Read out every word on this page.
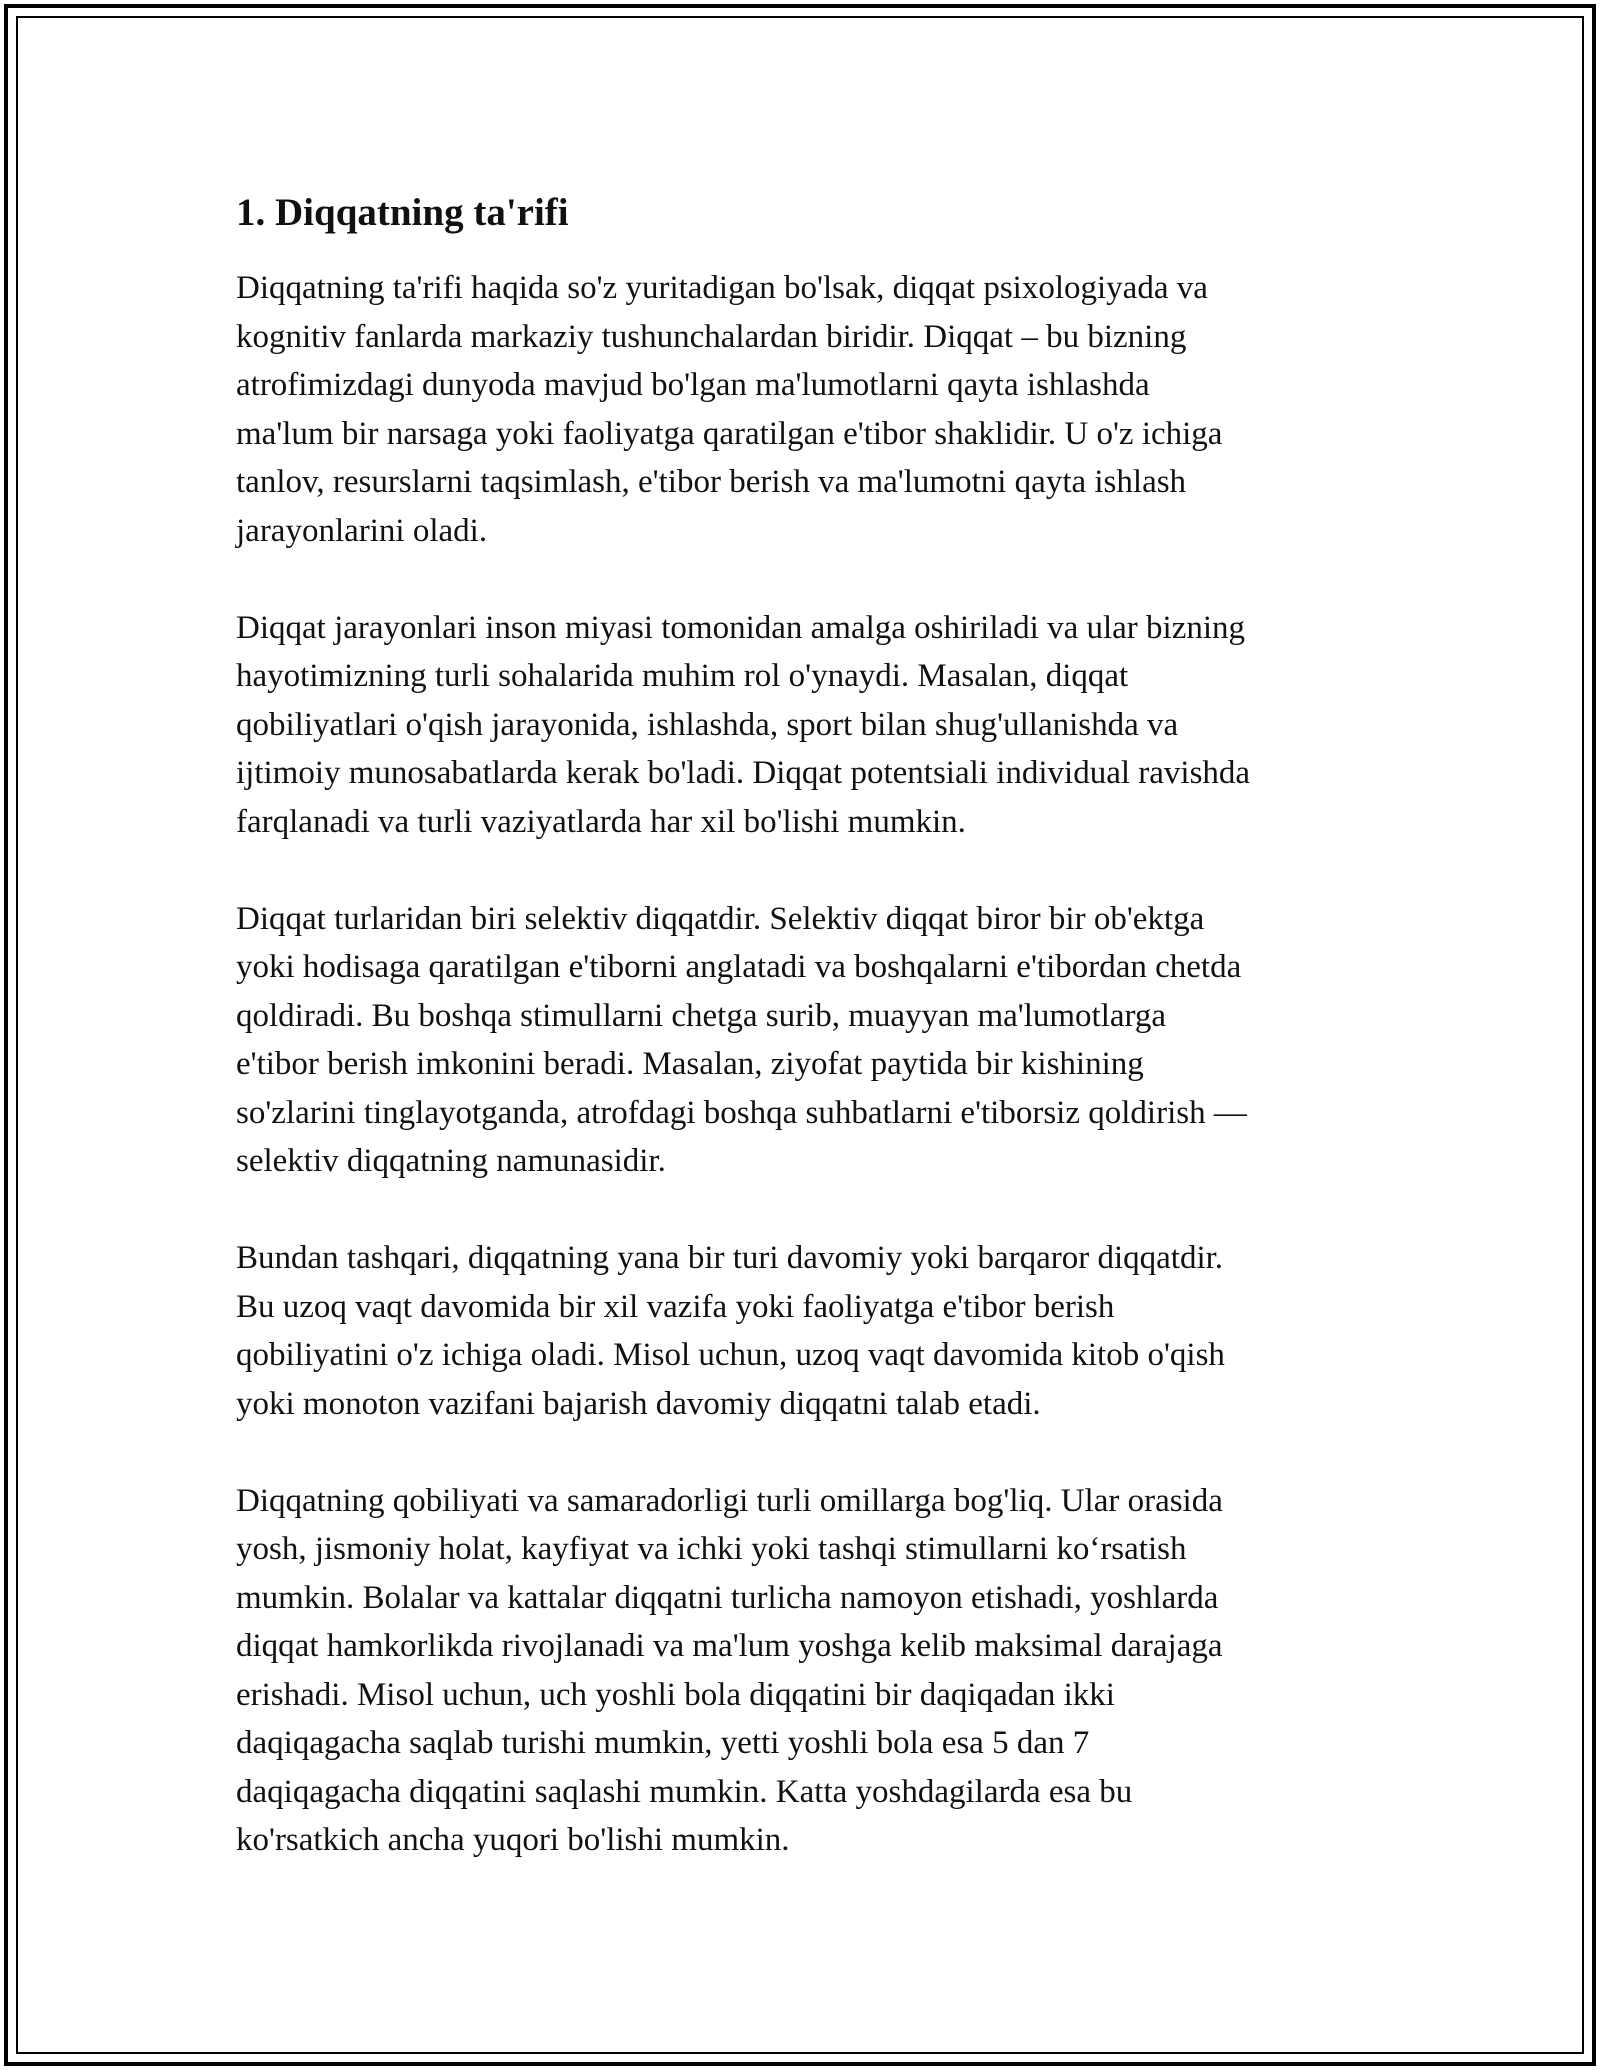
1. Diqqatning ta'rifi

Diqqatning ta'rifi haqida so'z yuritadigan bo'lsak, diqqat psixologiyada va
kognitiv fanlarda markaziy tushunchalardan biridir. Diqqat – bu bizning
atrofimizdagi dunyoda mavjud bo'lgan ma'lumotlarni qayta ishlashda
ma'lum bir narsaga yoki faoliyatga qaratilgan e'tibor shaklidir. U o'z ichiga
tanlov, resurslarni taqsimlash, e'tibor berish va ma'lumotni qayta ishlash
jarayonlarini oladi.

Diqqat jarayonlari inson miyasi tomonidan amalga oshiriladi va ular bizning
hayotimizning turli sohalarida muhim rol o'ynaydi. Masalan, diqqat
qobiliyatlari o'qish jarayonida, ishlashda, sport bilan shug'ullanishda va
ijtimoiy munosabatlarda kerak bo'ladi. Diqqat potentsiali individual ravishda
farqlanadi va turli vaziyatlarda har xil bo'lishi mumkin.

Diqqat turlaridan biri selektiv diqqatdir. Selektiv diqqat biror bir ob'ektga
yoki hodisaga qaratilgan e'tiborni anglatadi va boshqalarni e'tibordan chetda
qoldiradi. Bu boshqa stimullarni chetga surib, muayyan ma'lumotlarga
e'tibor berish imkonini beradi. Masalan, ziyofat paytida bir kishining
so'zlarini tinglayotganda, atrofdagi boshqa suhbatlarni e'tiborsiz qoldirish —
selektiv diqqatning namunasidir.

Bundan tashqari, diqqatning yana bir turi davomiy yoki barqaror diqqatdir.
Bu uzoq vaqt davomida bir xil vazifa yoki faoliyatga e'tibor berish
qobiliyatini o'z ichiga oladi. Misol uchun, uzoq vaqt davomida kitob o'qish
yoki monoton vazifani bajarish davomiy diqqatni talab etadi.

Diqqatning qobiliyati va samaradorligi turli omillarga bog'liq. Ular orasida
yosh, jismoniy holat, kayfiyat va ichki yoki tashqi stimullarni ko‘rsatish
mumkin. Bolalar va kattalar diqqatni turlicha namoyon etishadi, yoshlarda
diqqat hamkorlikda rivojlanadi va ma'lum yoshga kelib maksimal darajaga
erishadi. Misol uchun, uch yoshli bola diqqatini bir daqiqadan ikki
daqiqagacha saqlab turishi mumkin, yetti yoshli bola esa 5 dan 7
daqiqagacha diqqatini saqlashi mumkin. Katta yoshdagilarda esa bu
ko'rsatkich ancha yuqori bo'lishi mumkin.
